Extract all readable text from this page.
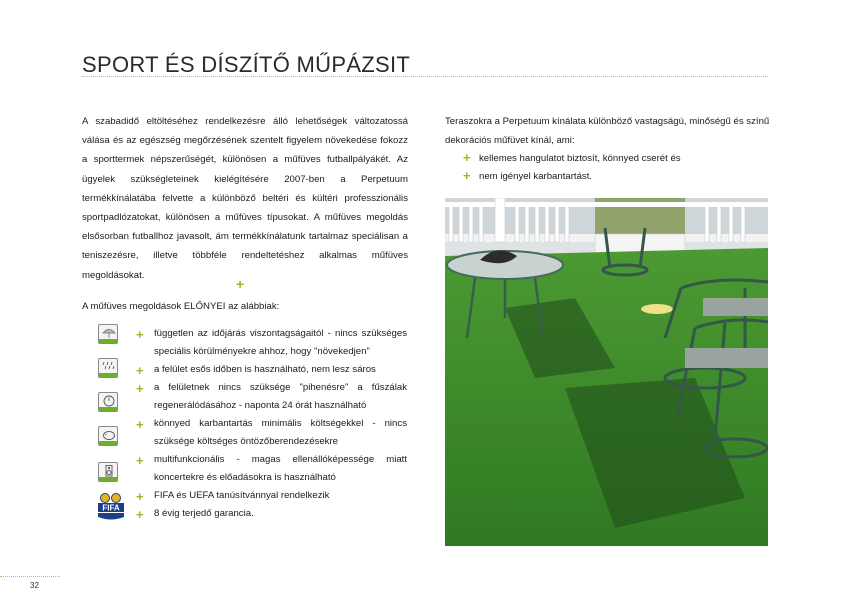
SPORT ÉS DÍSZÍTŐ MŰPÁZSIT

A szabadidő eltöltéséhez rendelkezésre álló lehetőségek változatossá válása és az egészség megőrzésének szentelt figyelem növekedése fokozz a sporttermek népszerűségét, különösen a műfüves futballpályákét. Az ügyelek szükségleteinek kielégítésére 2007-ben a Perpetuum termékkínálatába felvette a különböző beltéri és kültéri professzionális sportpadlózatokat, különösen a műfüves típusokat. A műfüves megoldás elsősorban futballhoz javasolt, ám termékkínálatunk tartalmaz speciálisan a teniszezésre, illetve többféle rendeltetéshez alkalmas műfüves megoldásokat.

+
A műfüves megoldások ELŐNYEI az alábbiak:
+ független az időjárás viszontagságaitól - nincs szükséges speciális körülményekre ahhoz, hogy "növekedjen"
+ a felület esős időben is használható, nem lesz sáros
+ a felületnek nincs szüksége "pihenésre" a fűszálak regenerálódásához - naponta 24 órát használható
+ könnyed karbantartás minimális költségekkel - nincs szüksége költséges öntözőberendezésekre
+ multifunkcionális - magas ellenállóképessége miatt koncertekre és előadásokra is használható
FIFA
+ FIFA és UEFA tanúsítvánnyal rendelkezik
+ 8 évig terjedő garancia.

Teraszokra a Perpetuum kínálata különböző vastagságú, minőségű és színű dekorációs műfüvet kínál, ami:

+ kellemes hangulatot biztosít, könnyed cserét és
+ nem igényel karbantartást.
32
